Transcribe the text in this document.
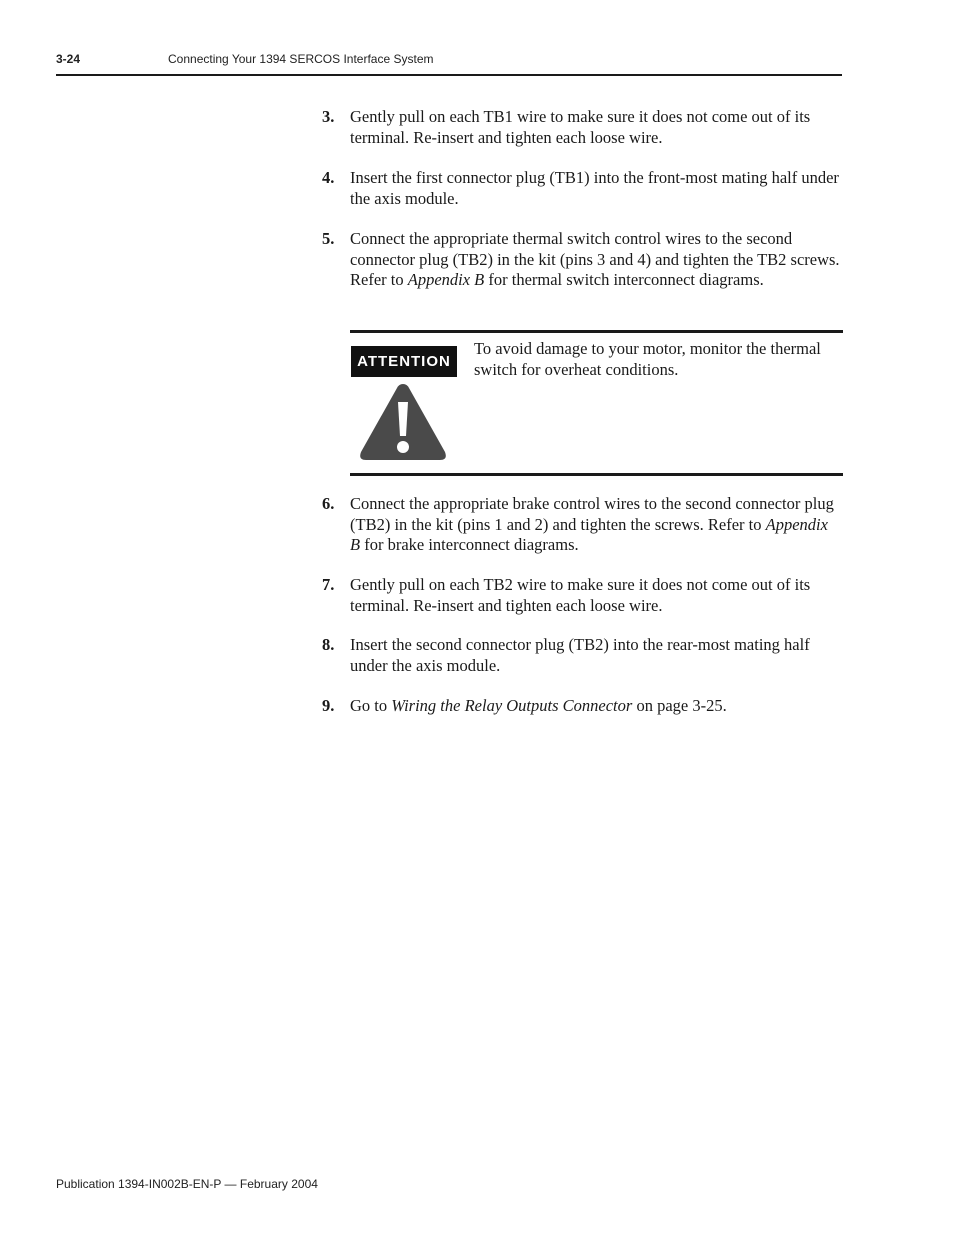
3-24	Connecting Your 1394 SERCOS Interface System
3. Gently pull on each TB1 wire to make sure it does not come out of its terminal. Re-insert and tighten each loose wire.
4. Insert the first connector plug (TB1) into the front-most mating half under the axis module.
5. Connect the appropriate thermal switch control wires to the second connector plug (TB2) in the kit (pins 3 and 4) and tighten the TB2 screws. Refer to Appendix B for thermal switch interconnect diagrams.
ATTENTION
To avoid damage to your motor, monitor the thermal switch for overheat conditions.
6. Connect the appropriate brake control wires to the second connector plug (TB2) in the kit (pins 1 and 2) and tighten the screws. Refer to Appendix B for brake interconnect diagrams.
7. Gently pull on each TB2 wire to make sure it does not come out of its terminal. Re-insert and tighten each loose wire.
8. Insert the second connector plug (TB2) into the rear-most mating half under the axis module.
9. Go to Wiring the Relay Outputs Connector on page 3-25.
Publication 1394-IN002B-EN-P — February 2004
